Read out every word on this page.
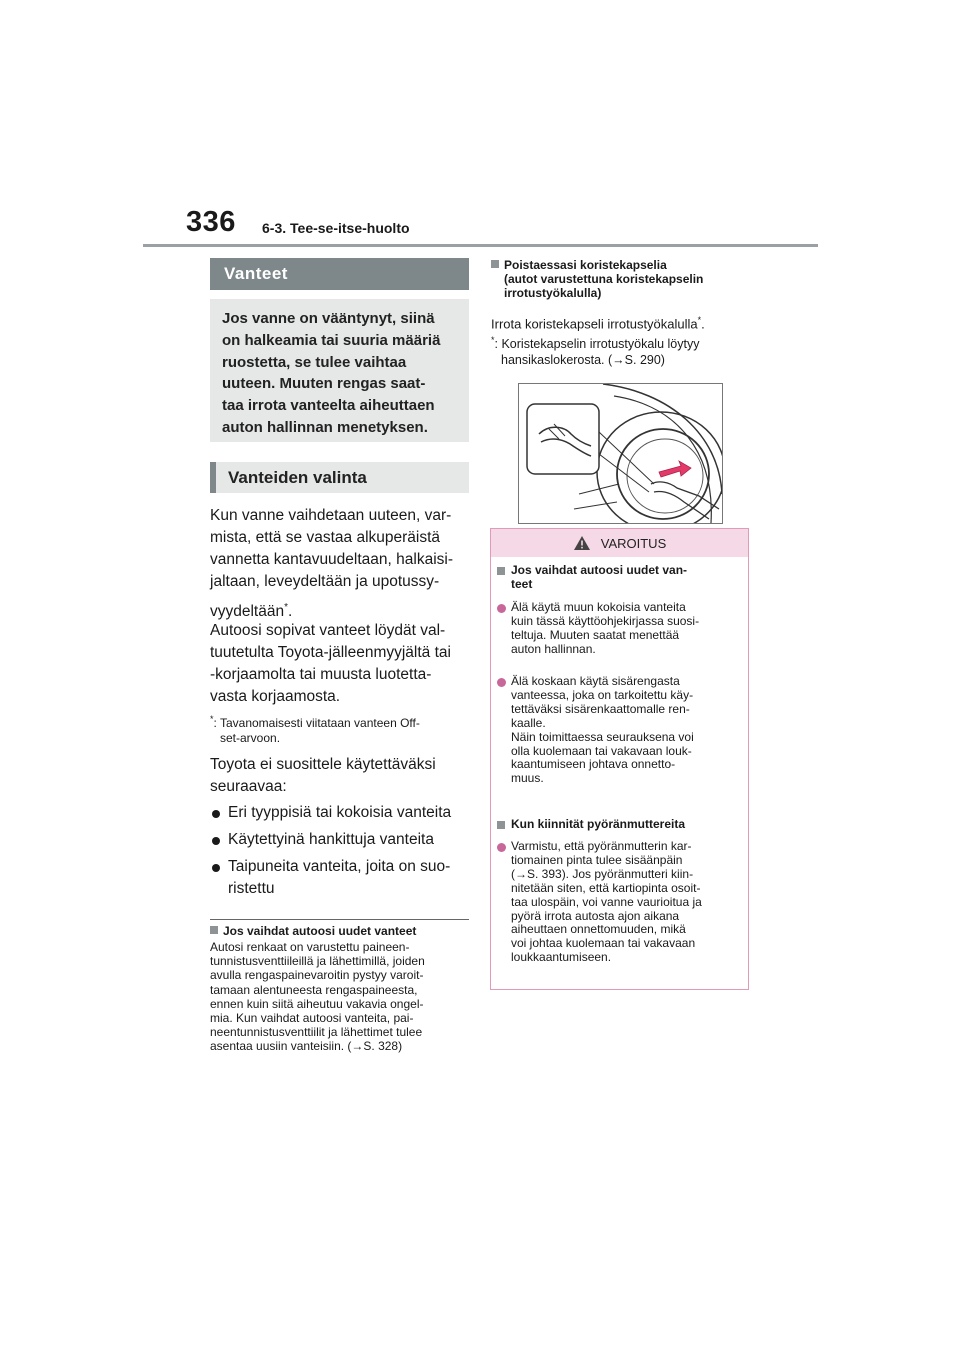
336 6-3. Tee-se-itse-huolto
Vanteet
Jos vanne on vääntynyt, siinä
on halkeamia tai suuria määriä
ruostetta, se tulee vaihtaa
uuteen. Muuten rengas saat-
taa irrota vanteelta aiheuttaen
auton hallinnan menetyksen.
Vanteiden valinta
Kun vanne vaihdetaan uuteen, var-
mista, että se vastaa alkuperäistä
vannetta kantavuudeltaan, halkaisi-
jaltaan, leveydeltään ja upotussy-
vyydeltään*.
Autoosi sopivat vanteet löydät val-
tuutetulta Toyota-jälleenmyyjältä tai
-korjaamolta tai muusta luotetta-
vasta korjaamosta.
*: Tavanomaisesti viitataan vanteen Off-
set-arvoon.
Toyota ei suosittele käytettäväksi
seuraavaa:
Eri tyyppisiä tai kokoisia vanteita
Käytettyinä hankittuja vanteita
Taipuneita vanteita, joita on suo-
ristettu
Jos vaihdat autoosi uudet vanteet
Autosi renkaat on varustettu paineen-
tunnistusventtiileillä ja lähettimillä, joiden
avulla rengaspainevaroitin pystyy varoit-
tamaan alentuneesta rengaspaineesta,
ennen kuin siitä aiheutuu vakavia ongel-
mia. Kun vaihdat autoosi vanteita, pai-
neentunnistusventtiilit ja lähettimet tulee
asentaa uusiin vanteisiin. (→S. 328)
Poistaessasi koristekapselia
(autot varustettuna koristekapselin
irrotustyökalulla)
Irrota koristekapseli irrotustyökalulla*.
*: Koristekapselin irrotustyökalu löytyy
hansikaslokerosta. (→S. 290)
VAROITUS
Jos vaihdat autoosi uudet van-
teet
Älä käytä muun kokoisia vanteita
kuin tässä käyttöohjekirjassa suosi-
teltuja. Muuten saatat menettää
auton hallinnan.
Älä koskaan käytä sisärengasta
vanteessa, joka on tarkoitettu käy-
tettäväksi sisärenkaattomalle ren-
kaalle.
Näin toimittaessa seurauksena voi
olla kuolemaan tai vakavaan louk-
kaantumiseen johtava onnetto-
muus.
Kun kiinnität pyöränmuttereita
Varmistu, että pyöränmutterin kar-
tiomainen pinta tulee sisäänpäin
(→S. 393). Jos pyöränmutteri kiin-
nitetään siten, että kartiopinta osoit-
taa ulospäin, voi vanne vaurioitua ja
pyörä irrota autosta ajon aikana
aiheuttaen onnettomuuden, mikä
voi johtaa kuolemaan tai vakavaan
loukkaantumiseen.
